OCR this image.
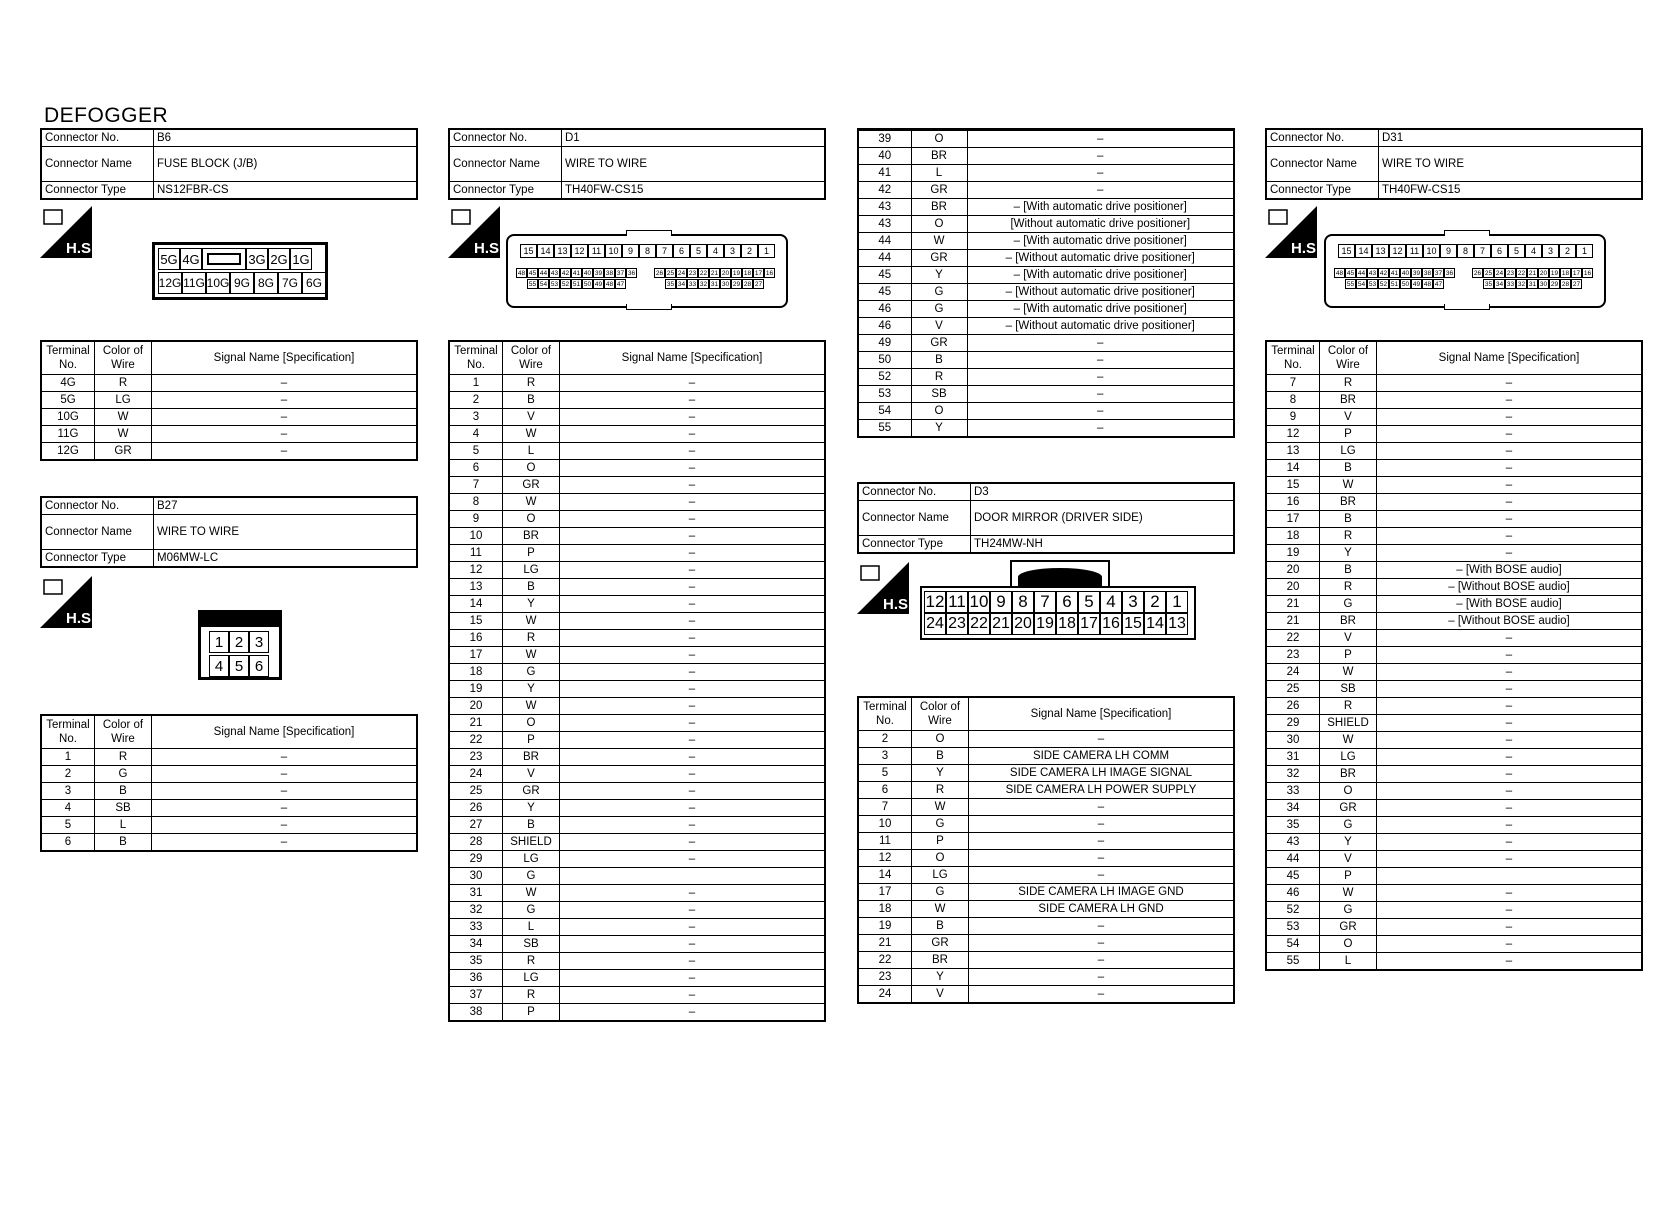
DEFOGGER
Connector No.	B6
Connector Name	FUSE BLOCK (J/B)
Connector Type	NS12FBR-CS
H.S.
5G 4G	3G 2G 1G
12G 11G 10G 9G 8G 7G 6G
Terminal No.	Color of Wire	Signal Name [Specification]
4G	R	–
5G	LG	–
10G	W	–
11G	W	–
12G	GR	–
Connector No.	B27
Connector Name	WIRE TO WIRE
Connector Type	M06MW-LC
H.S.
1 2 3
4 5 6
Terminal No.	Color of Wire	Signal Name [Specification]
1	R	–
2	G	–
3	B	–
4	SB	–
5	L	–
6	B	–
Connector No.	D1
Connector Name	WIRE TO WIRE
Connector Type	TH40FW-CS15
H.S.	15 14 13 12 11 10	9	8	7	6	5	4	3	2	1
48 45 44 43 42 41 40 39 38 37 36	26 25 24 23 22 21 20 19 18 17 16
55 54 53 52 51 50 49 48 47	35 34 33 32 31 30 29 28 27
Terminal No.	Color of Wire	Signal Name [Specification]
1	R	–
2	B	–
3	V	–
4	W	–
5	L	–
6	O	–
7	GR	–
8	W	–
9	O	–
10	BR	–
11	P	–
12	LG	–
13	B	–
14	Y	–
15	W	–
16	R	–
17	W	–
18	G	–
19	Y	–
20	W	–
21	O	–
22	P	–
23	BR	–
24	V	–
25	GR	–
26	Y	–
27	B	–
28	SHIELD	–
29	LG	–
30	G	
31	W	–
32	G	–
33	L	–
34	SB	–
35	R	–
36	LG	–
37	R	–
38	P	–

39	O	–
40	BR	–
41	L	–
42	GR	–
43	BR	– [With automatic drive positioner]
43	O	[Without automatic drive positioner]
44	W	– [With automatic drive positioner]
44	GR	– [Without automatic drive positioner]
45	Y	– [With automatic drive positioner]
45	G	– [Without automatic drive positioner]
46	G	– [With automatic drive positioner]
46	V	– [Without automatic drive positioner]
49	GR	–
50	B	–
52	R	–
53	SB	–
54	O	–
55	Y	–
Connector No.	D3
Connector Name	DOOR MIRROR (DRIVER SIDE)
Connector Type	TH24MW-NH
H.S. 12 11 10 9 8 7 6 5 4 3 2 1
24 23 22 21 20 19 18 17 16 15 14 13
Terminal No.	Color of Wire	Signal Name [Specification]
2	O	–
3	B	SIDE CAMERA LH COMM
5	Y	SIDE CAMERA LH IMAGE SIGNAL
6	R	SIDE CAMERA LH POWER SUPPLY
7	W	–
10	G	–
11	P	–
12	O	–
14	LG	–
17	G	SIDE CAMERA LH IMAGE GND
18	W	SIDE CAMERA LH GND
19	B	–
21	GR	–
22	BR	–
23	Y	–
24	V	–
Connector No.	D31
Connector Name	WIRE TO WIRE
Connector Type	TH40FW-CS15
H.S.	15 14 13 12 11 10	9	8	7	6	5	4	3	2	1
48 45 44 43 42 41 40 39 38 37 36	26 25 24 23 22 21 20 19 18 17 16
55 54 53 52 51 50 49 48 47	35 34 33 32 31 30 29 28 27
Terminal No.	Color of Wire	Signal Name [Specification]
7	R	–
8	BR	–
9	V	–
12	P	–
13	LG	–
14	B	–
15	W	–
16	BR	–
17	B	–
18	R	–
19	Y	–
20	B	– [With BOSE audio]
20	R	– [Without BOSE audio]
21	G	– [With BOSE audio]
21	BR	– [Without BOSE audio]
22	V	–
23	P	–
24	W	–
25	SB	–
26	R	–
29	SHIELD	–
30	W	–
31	LG	–
32	BR	–
33	O	–
34	GR	–
35	G	–
43	Y	–
44	V	–
45	P	
46	W	–
52	G	–
53	GR	–
54	O	–
55	L	–
